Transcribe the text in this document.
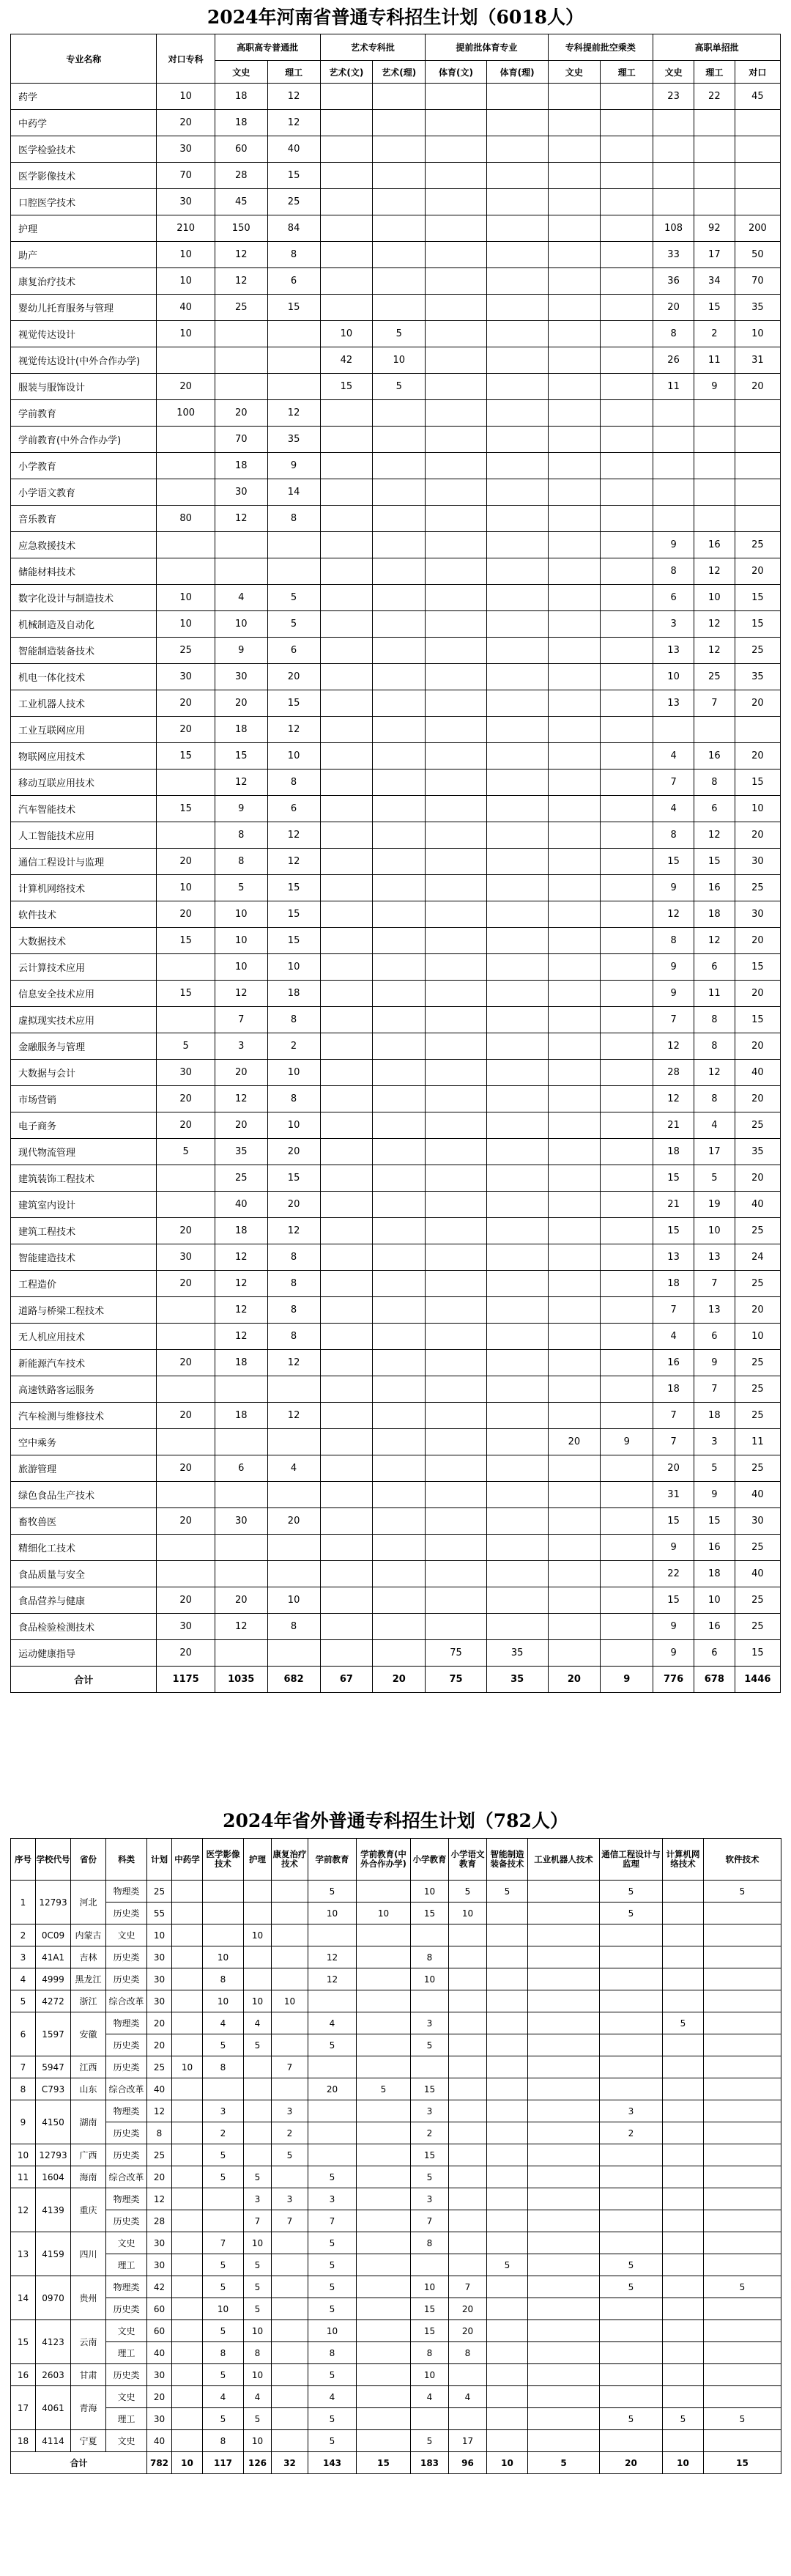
2024年河南省普通专科招生计划（6018人）
专业名称	对口专科	高职高专普通批		艺术专科批		提前批体育专业		专科提前批空乘类		高职单招批		
		文史	理工	艺术(文)	艺术(理)	体育(文)	体育(理)	文史	理工	文史	理工	对口
药学	10	18	12							23	22	45
中药学	20	18	12									
医学检验技术	30	60	40									
医学影像技术	70	28	15									
口腔医学技术	30	45	25									
护理	210	150	84							108	92	200
助产	10	12	8							33	17	50
康复治疗技术	10	12	6							36	34	70
婴幼儿托育服务与管理	40	25	15							20	15	35
视觉传达设计	10			10	5					8	2	10
视觉传达设计(中外合作办学)				42	10					26	11	31
服装与服饰设计	20			15	5					11	9	20
学前教育	100	20	12									
学前教育(中外合作办学)		70	35									
小学教育		18	9									
小学语文教育		30	14									
音乐教育	80	12	8									
应急救援技术										9	16	25
储能材料技术										8	12	20
数字化设计与制造技术	10	4	5							6	10	15
机械制造及自动化	10	10	5							3	12	15
智能制造装备技术	25	9	6							13	12	25
机电一体化技术	30	30	20							10	25	35
工业机器人技术	20	20	15							13	7	20
工业互联网应用	20	18	12									
物联网应用技术	15	15	10							4	16	20
移动互联应用技术		12	8							7	8	15
汽车智能技术	15	9	6							4	6	10
人工智能技术应用		8	12							8	12	20
通信工程设计与监理	20	8	12							15	15	30
计算机网络技术	10	5	15							9	16	25
软件技术	20	10	15							12	18	30
大数据技术	15	10	15							8	12	20
云计算技术应用		10	10							9	6	15
信息安全技术应用	15	12	18							9	11	20
虚拟现实技术应用		7	8							7	8	15
金融服务与管理	5	3	2							12	8	20
大数据与会计	30	20	10							28	12	40
市场营销	20	12	8							12	8	20
电子商务	20	20	10							21	4	25
现代物流管理	5	35	20							18	17	35
建筑装饰工程技术		25	15							15	5	20
建筑室内设计		40	20							21	19	40
建筑工程技术	20	18	12							15	10	25
智能建造技术	30	12	8							13	13	24
工程造价	20	12	8							18	7	25
道路与桥梁工程技术		12	8							7	13	20
无人机应用技术		12	8							4	6	10
新能源汽车技术	20	18	12							16	9	25
高速铁路客运服务										18	7	25
汽车检测与维修技术	20	18	12							7	18	25
空中乘务								20	9	7	3	11
旅游管理	20	6	4							20	5	25
绿色食品生产技术										31	9	40
畜牧兽医	20	30	20							15	15	30
精细化工技术										9	16	25
食品质量与安全										22	18	40
食品营养与健康	20	20	10							15	10	25
食品检验检测技术	30	12	8							9	16	25
运动健康指导	20					75	35			9	6	15
合计	1175	1035	682	67	20	75	35	20	9	776	678	1446
2024年省外普通专科招生计划（782人）
序号	学校代号	省份	科类	计划	中药学	医学影像技术	护理	康复治疗技术	学前教育	学前教育(中外合作办学)	小学教育	小学语文教育	智能制造装备技术	工业机器人技术	通信工程设计与监理	计算机网络技术	软件技术
1	12793	河北	物理类	25					5		10	5	5		5		5
			历史类	55					10	10	15	10			5		
2	0C09	内蒙古	文史	10			10										
3	41A1	吉林	历史类	30		10			12		8						
4	4999	黑龙江	历史类	30		8			12		10						
5	4272	浙江	综合改革	30		10	10	10									
6	1597	安徽	物理类	20		4	4		4		3					5	
			历史类	20		5	5		5		5						
7	5947	江西	历史类	25	10	8		7									
8	C793	山东	综合改革	40					20	5	15						
9	4150	湖南	物理类	12		3		3			3				3		
			历史类	8		2		2			2				2		
10	12793	广西	历史类	25		5		5			15						
11	1604	海南	综合改革	20		5	5		5		5						
12	4139	重庆	物理类	12			3	3	3		3						
			历史类	28			7	7	7		7						
13	4159	四川	文史	30		7	10		5		8						
			理工	30		5	5		5				5		5		
14	0970	贵州	物理类	42		5	5		5		10	7			5		5
			历史类	60		10	5		5		15	20					
15	4123	云南	文史	60		5	10		10		15	20					
			理工	40		8	8		8		8	8					
16	2603	甘肃	历史类	30		5	10		5		10						
17	4061	青海	文史	20		4	4		4		4	4					
			理工	30		5	5		5						5	5	5
18	4114	宁夏	文史	40		8	10		5		5	17					
合计				782	10	117	126	32	143	15	183	96	10	5	20	10	15
